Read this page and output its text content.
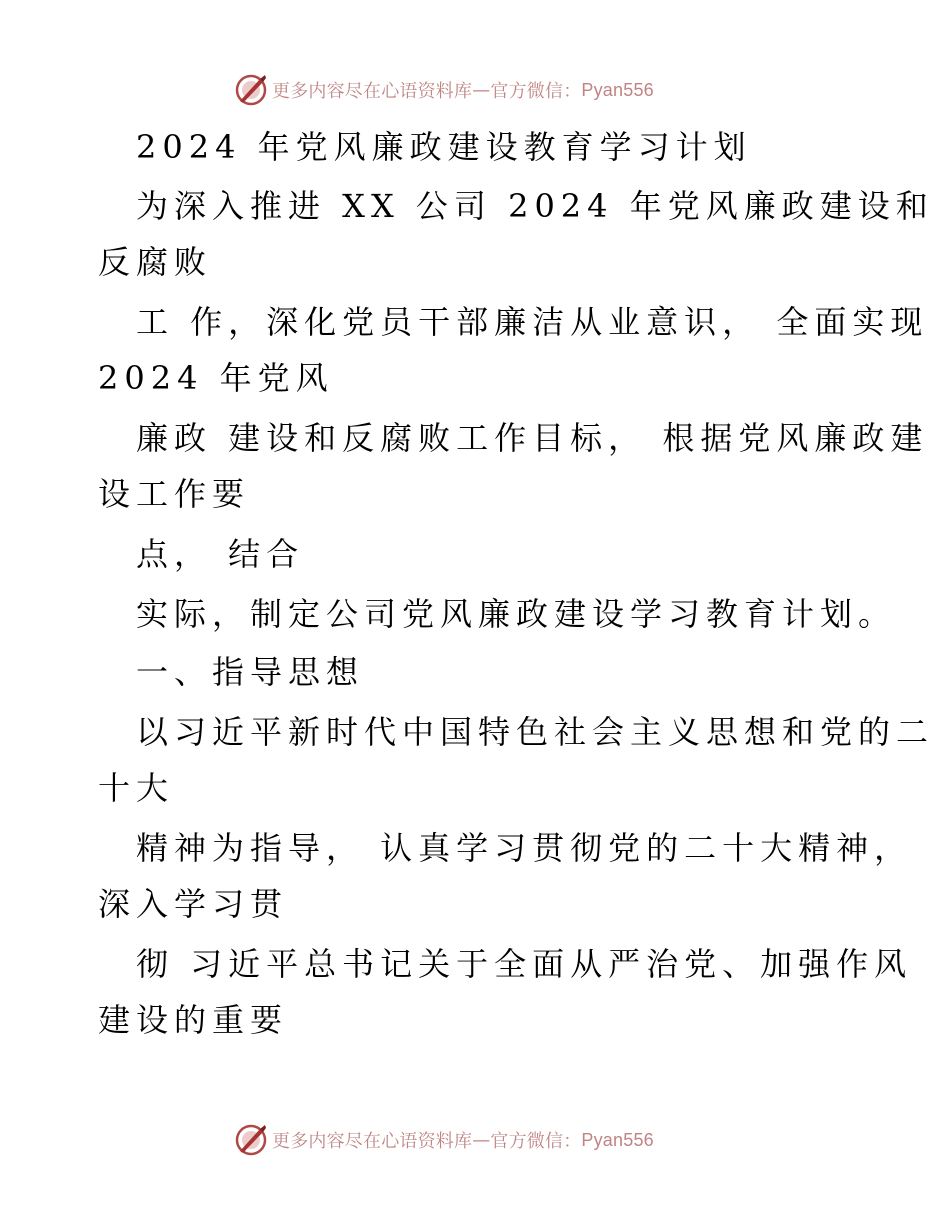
更多内容尽在心语资料库 — 官方微信： Pyan556
2024 年党风廉政建设教育学习计划
为深入推进 XX 公司 2024 年党风廉政建设和
反腐败
工 作，深化党员干部廉洁从业意识， 全面实现
2024 年党风
廉政 建设和反腐败工作目标， 根据党风廉政建
设工作要
点， 结合
实际，制定公司党风廉政建设学习教育计划。
一、指导思想
以习近平新时代中国特色社会主义思想和党的二
十大
精神为指导， 认真学习贯彻党的二十大精神，
深入学习贯
彻 习近平总书记关于全面从严治党、加强作风
建设的重要
更多内容尽在心语资料库 — 官方微信： Pyan556
